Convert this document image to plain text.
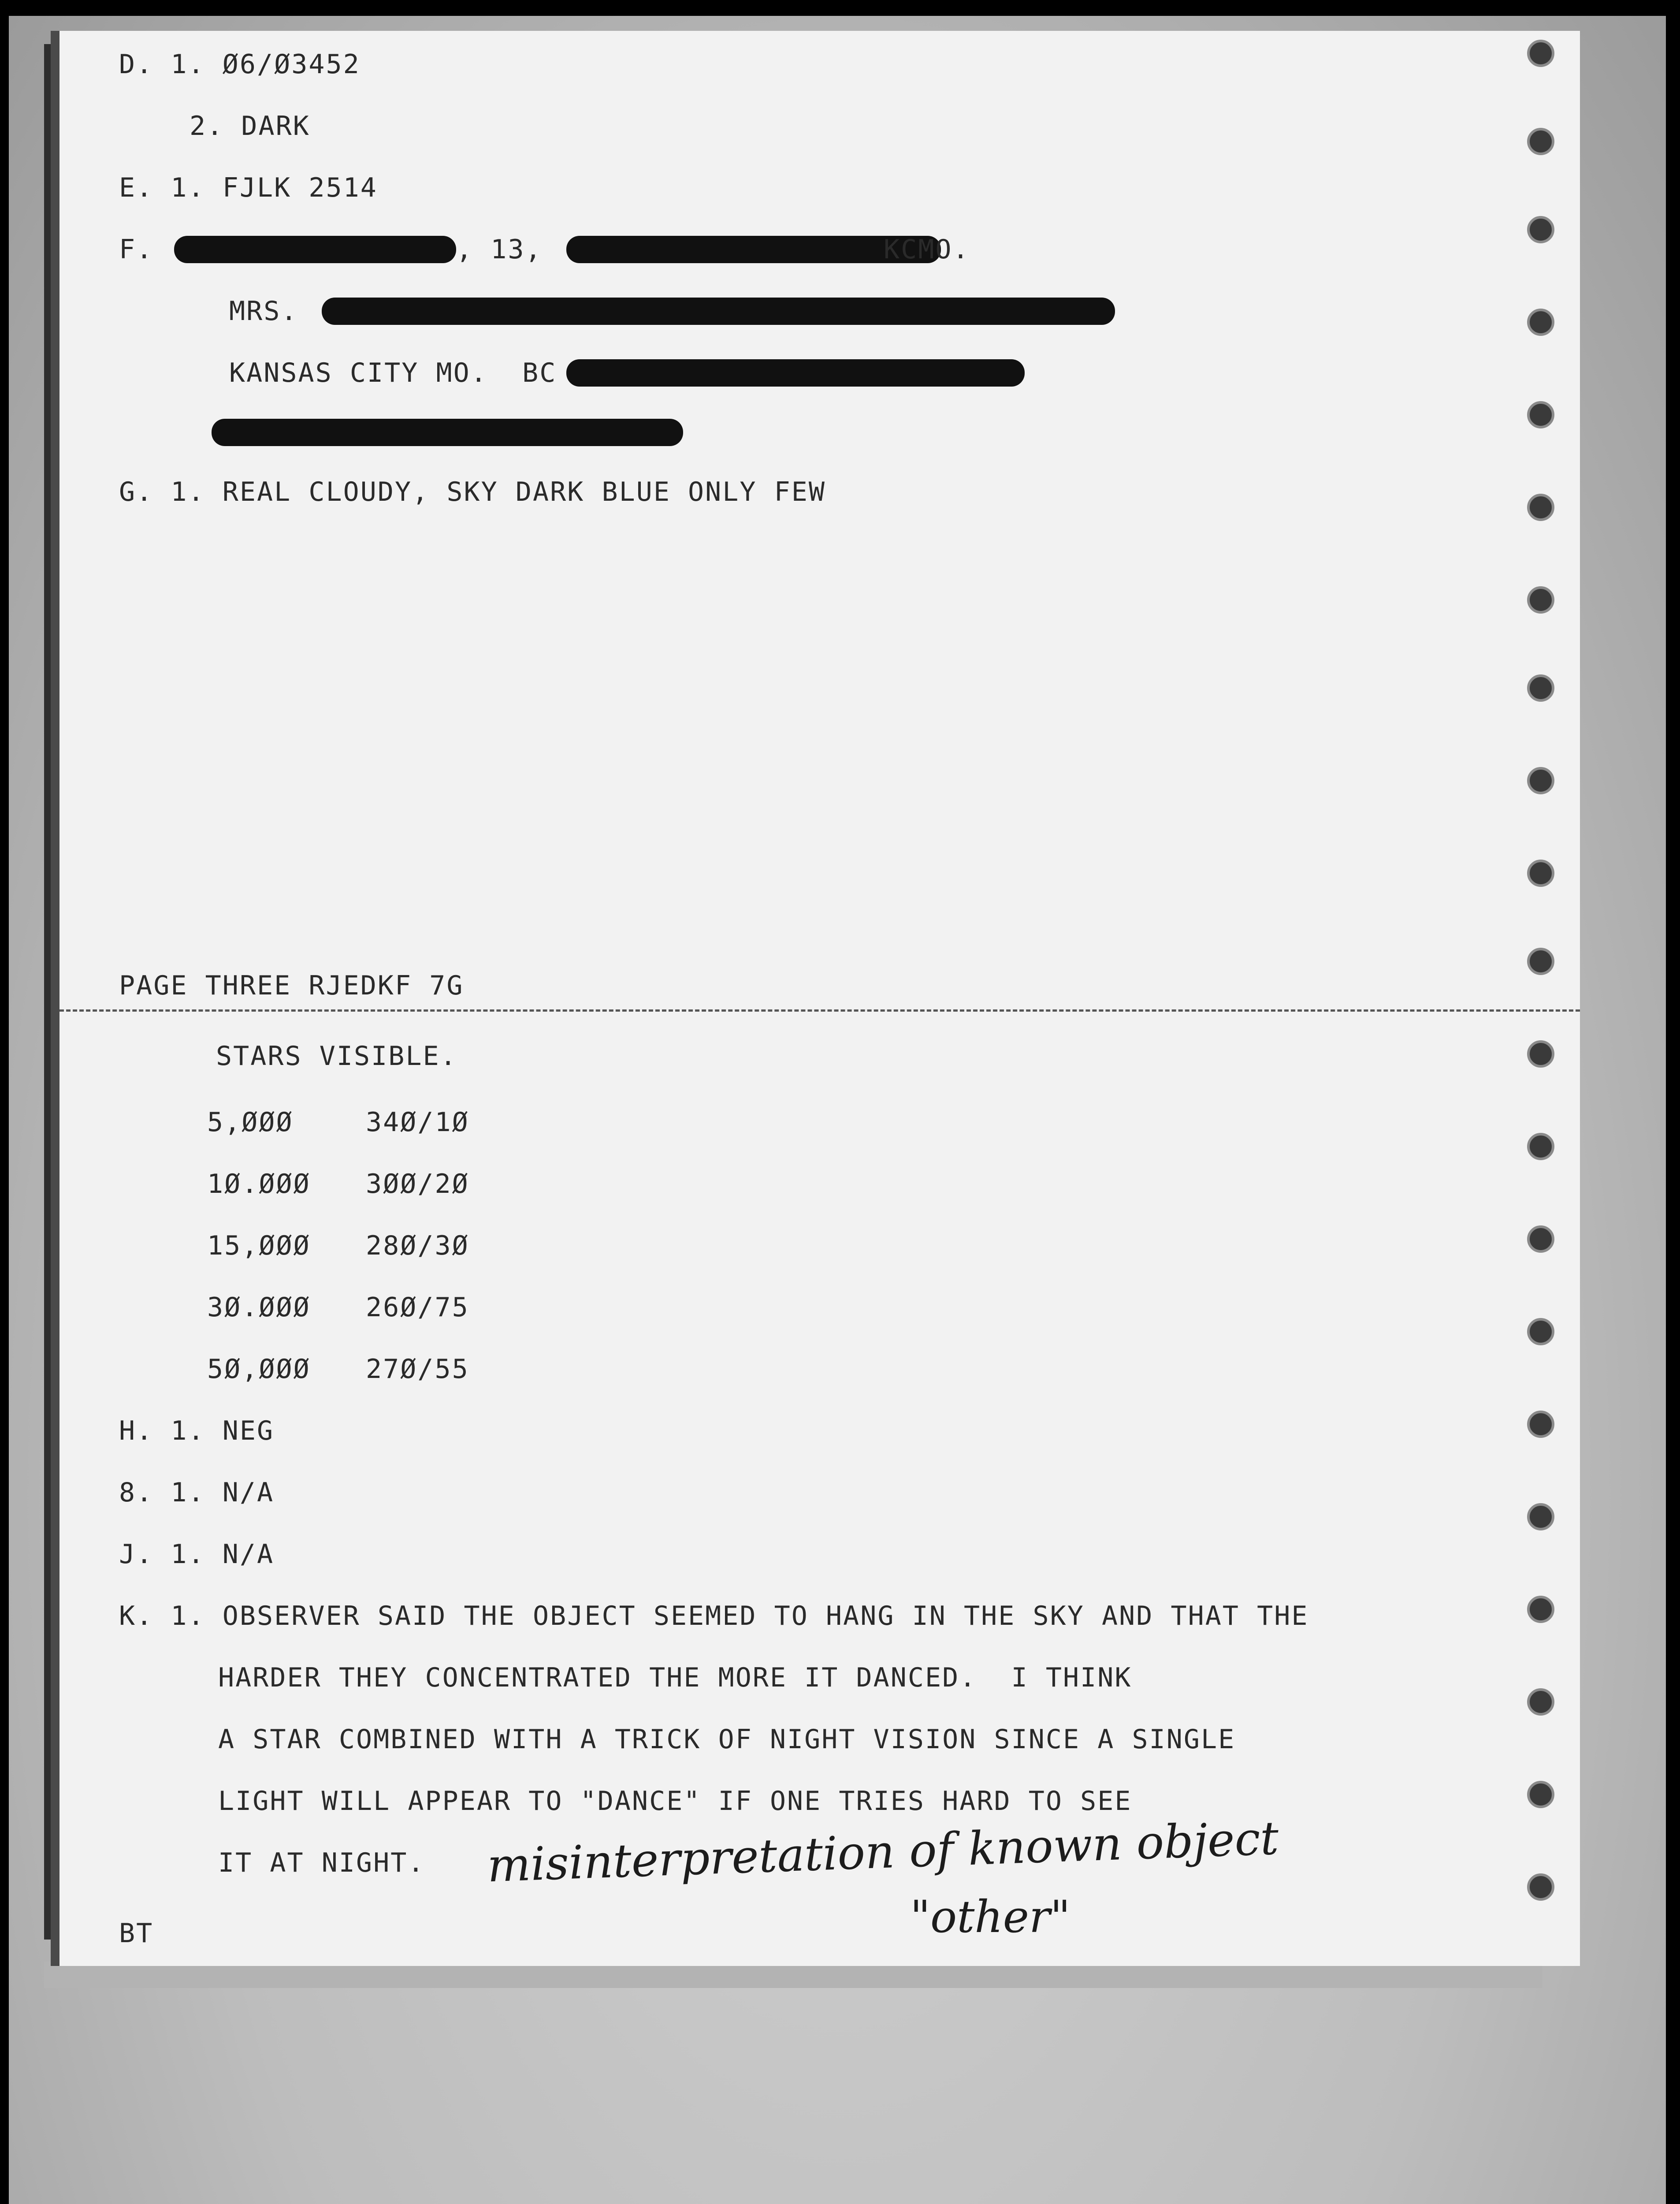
D. 1. Ø6/Ø3452
2. DARK
E. 1. FJLK 2514
F.	, 13,	KCMO.
MRS.
KANSAS CITY MO.  BC
G. 1. REAL CLOUDY, SKY DARK BLUE ONLY FEW
PAGE THREE RJEDKF 7G
STARS VISIBLE.
5,ØØØ	34Ø/1Ø
1Ø.ØØØ 3ØØ/2Ø
15,ØØØ 28Ø/3Ø
3Ø.ØØØ 26Ø/75
5Ø,ØØØ 27Ø/55
H. 1. NEG
8. 1. N/A
J. 1. N/A
K. 1. OBSERVER SAID THE OBJECT SEEMED TO HANG IN THE SKY AND THAT THE
HARDER THEY CONCENTRATED THE MORE IT DANCED.  I THINK
A STAR COMBINED WITH A TRICK OF NIGHT VISION SINCE A SINGLE
LIGHT WILL APPEAR TO "DANCE" IF ONE TRIES HARD TO SEE
IT AT NIGHT. misinterpretation of known object
"other"
BT
